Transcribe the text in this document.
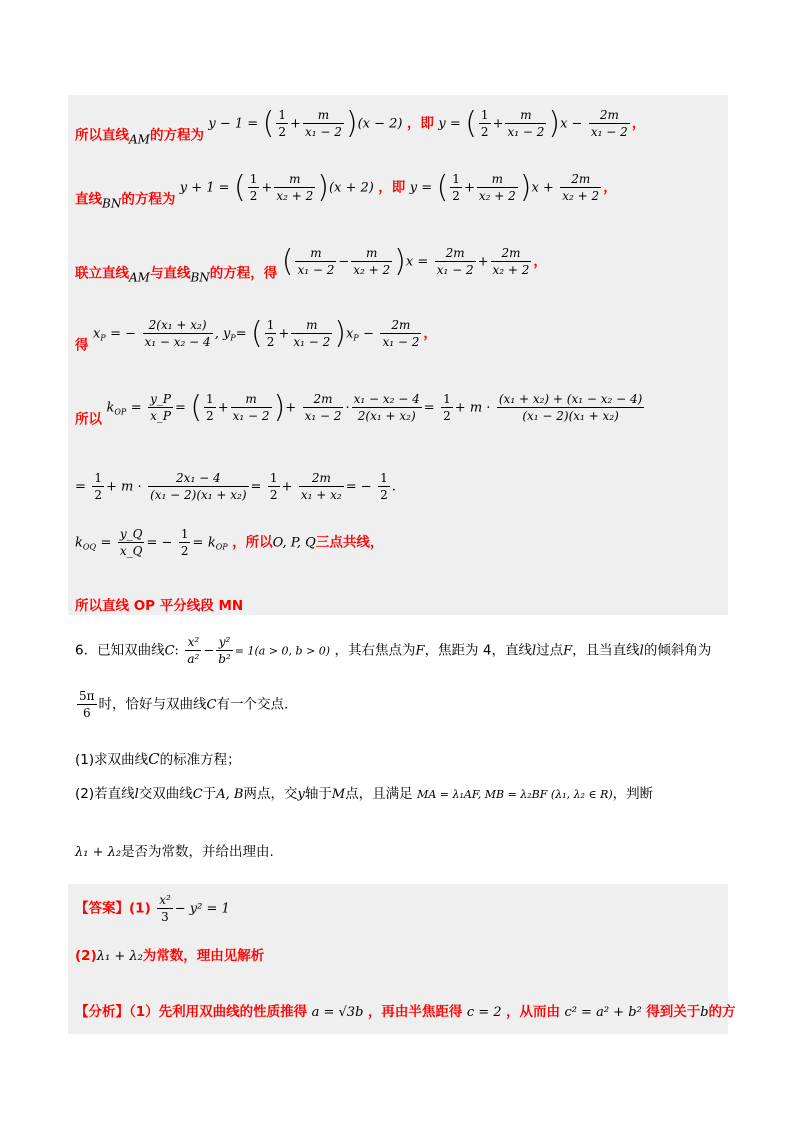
所以直线AM的方程为 y − 1 = ( $\frac{1}{2} + \frac{m}{\text{x₁ − 2}} )(x - 2)$ ，即 y = ( $\frac{1}{2} + \frac{m}{\text{x₁ − 2}} )x - \frac{2m}{\text{x₁ − 2}}$ ，
直线BN的方程为 y + 1 = ( $\frac{1}{2} + \frac{m}{\text{x₂ + 2}} )(x + 2)$ ，即 y = ( $\frac{1}{2} + \frac{m}{\text{x₂ + 2}} )x + \frac{2m}{\text{x₂ + 2}}$ ，
联立直线AM与直线BN的方程，得 ( $\frac{m}{\text{x₁ − 2}} - \frac{m}{\text{x₂ + 2}} )x = \frac{2m}{\text{x₁ − 2}} + \frac{2m}{\text{x₂ + 2}}$ ，
得 $x_P$ = − $\frac{\text{2(x₁ + x₂)}}{\text{x₁ − x₂ − 4}}$ , $y_P=$ ( $\frac{1}{2} + \frac{m}{\text{x₁ − 2}} )x_P - \frac{2m}{\text{x₁ − 2}}$ ，
所以 $k_{OP} = \frac{y\_P}{x\_P}$ = ( $\frac{1}{2} + \frac{m}{\text{x₁ − 2}}$ )+ $\frac{2m}{\text{x₁ − 2}} \cdot \frac{\text{x₁ − x₂ − 4}}{\text{2(x₁ + x₂)}} = \frac{1}{2} + m \cdot \frac{\text{(x₁ + x₂) + (x₁ − x₂ − 4)}}{\text{(x₁ − 2)(x₁ + x₂)}}$
= $\frac{1}{2} + m \cdot \frac{\text{2x₁ − 4}}{\text{(x₁ − 2)(x₁ + x₂)}} = \frac{1}{2} + \frac{2m}{\text{x₁ + x₂}}$ = − $\frac{1}{2}$ .
$k_{OQ} = \frac{y\_Q}{x\_Q}$ = − $\frac{1}{2} = k_{OP}$ ，所以O, P, Q三点共线，
所以直线 OP 平分线段 MN
6．已知双曲线C: $\frac{\text{x²}}{\text{a²}} - \frac{\text{y²}}{\text{b²}} = 1(a > 0$, b > 0) ，其右焦点为F，焦距为 4，直线l过点F，且当直线l的倾斜角为
$\frac{5\pi}{6}$ 时，恰好与双曲线C有一个交点.
(1)求双曲线C的标准方程；
(2)若直线l交双曲线C于A, B两点，交y轴于M点，且满足 MA = λ₁AF, MB = λ₂BF (λ₁, λ₂ ∈ R)，判断
λ₁ + λ₂是否为常数，并给出理由.
【答案】$(1) \frac{\text{x²}}{3} - y^2 = 1$
(2)λ₁ + λ₂为常数，理由见解析
【分析】（1）先利用双曲线的性质推得 a = √3b ，再由半焦距得 c = 2 ，从而由 c² = a² + b² 得到关于b的方
